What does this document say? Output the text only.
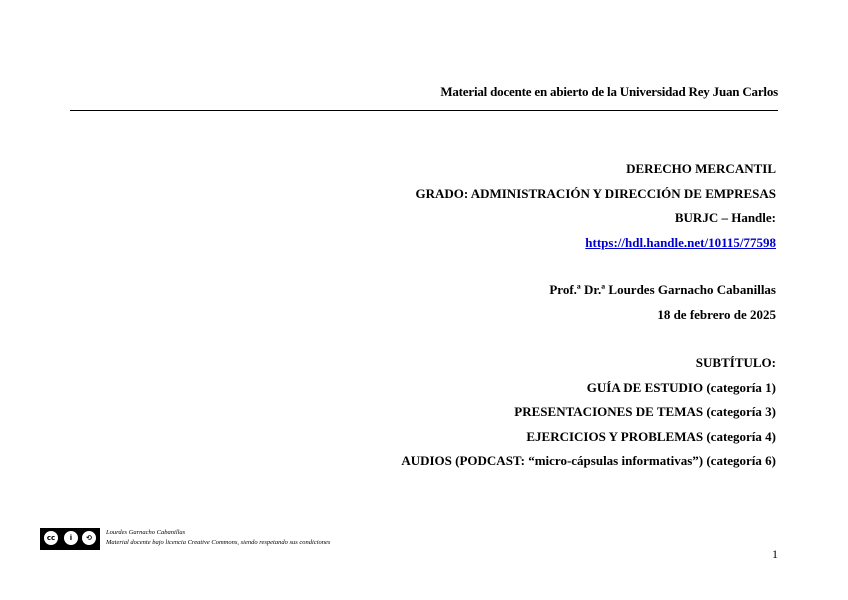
Material docente en abierto de la Universidad Rey Juan Carlos
DERECHO MERCANTIL
GRADO: ADMINISTRACIÓN Y DIRECCIÓN DE EMPRESAS
BURJC – Handle:
https://hdl.handle.net/10115/77598
Prof.ª Dr.ª Lourdes Garnacho Cabanillas
18 de febrero de 2025
SUBTÍTULO:
GUÍA DE ESTUDIO (categoría 1)
PRESENTACIONES DE TEMAS (categoría 3)
EJERCICIOS Y PROBLEMAS (categoría 4)
AUDIOS (PODCAST: “micro-cápsulas informativas”) (categoría 6)
cc	i	⟲
Lourdes Garnacho Cabanillas
Material docente bajo licencia Creative Commons, siendo respetando sus condiciones
1
